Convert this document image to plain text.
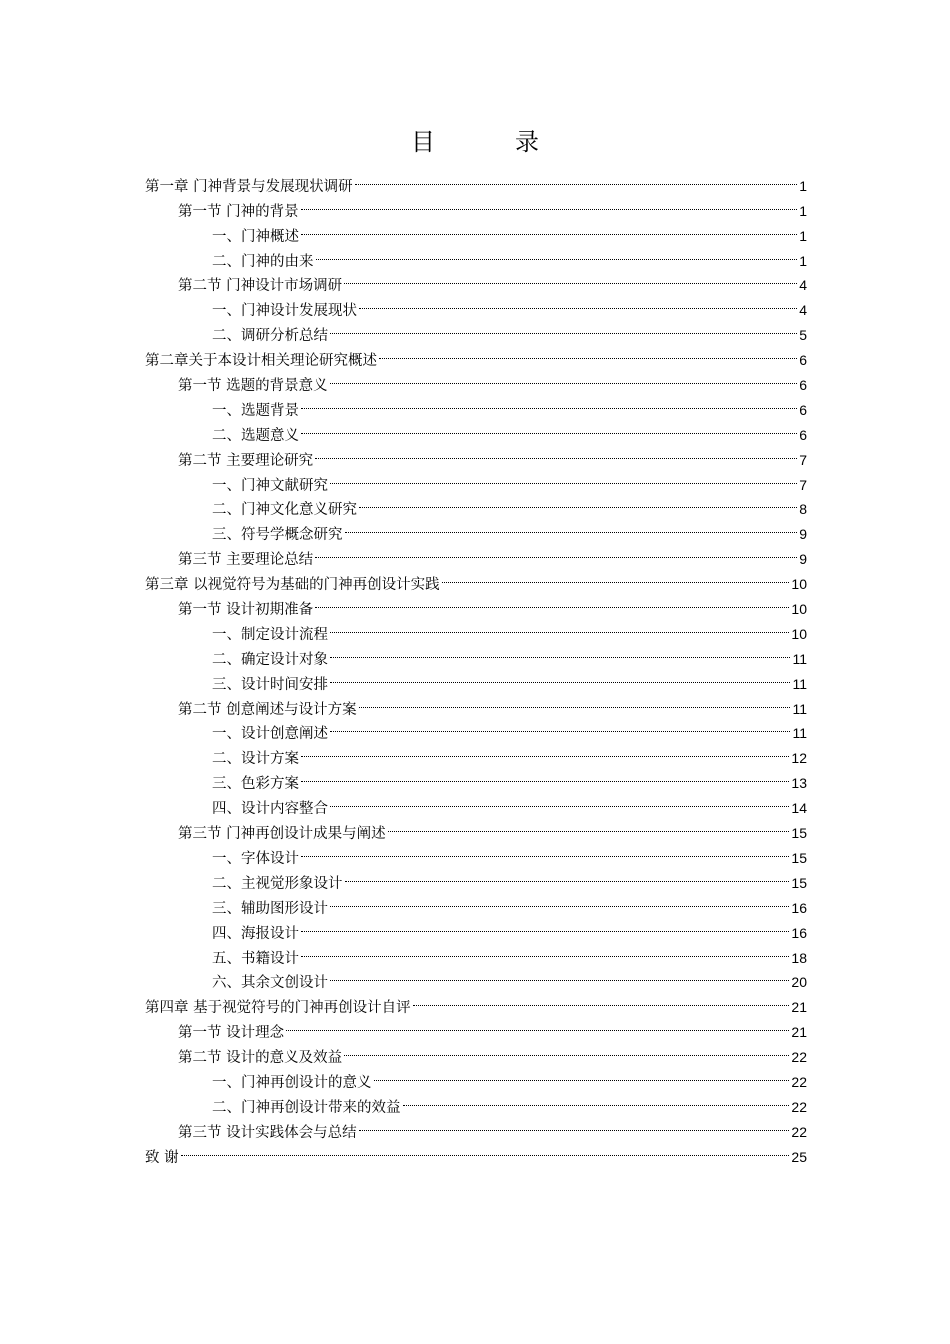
目　录
第一章 门神背景与发展现状调研	1
第一节 门神的背景	1
一、门神概述	1
二、门神的由来	1
第二节 门神设计市场调研	4
一、门神设计发展现状	4
二、调研分析总结	5
第二章关于本设计相关理论研究概述	6
第一节 选题的背景意义	6
一、选题背景	6
二、选题意义	6
第二节 主要理论研究	7
一、门神文献研究	7
二、门神文化意义研究	8
三、符号学概念研究	9
第三节 主要理论总结	9
第三章 以视觉符号为基础的门神再创设计实践	10
第一节 设计初期准备	10
一、制定设计流程	10
二、确定设计对象	11
三、设计时间安排	11
第二节 创意阐述与设计方案	11
一、设计创意阐述	11
二、设计方案	12
三、色彩方案	13
四、设计内容整合	14
第三节 门神再创设计成果与阐述	15
一、字体设计	15
二、主视觉形象设计	15
三、辅助图形设计	16
四、海报设计	16
五、书籍设计	18
六、其余文创设计	20
第四章 基于视觉符号的门神再创设计自评	21
第一节 设计理念	21
第二节 设计的意义及效益	22
一、门神再创设计的意义	22
二、门神再创设计带来的效益	22
第三节 设计实践体会与总结	22
致 谢	25
